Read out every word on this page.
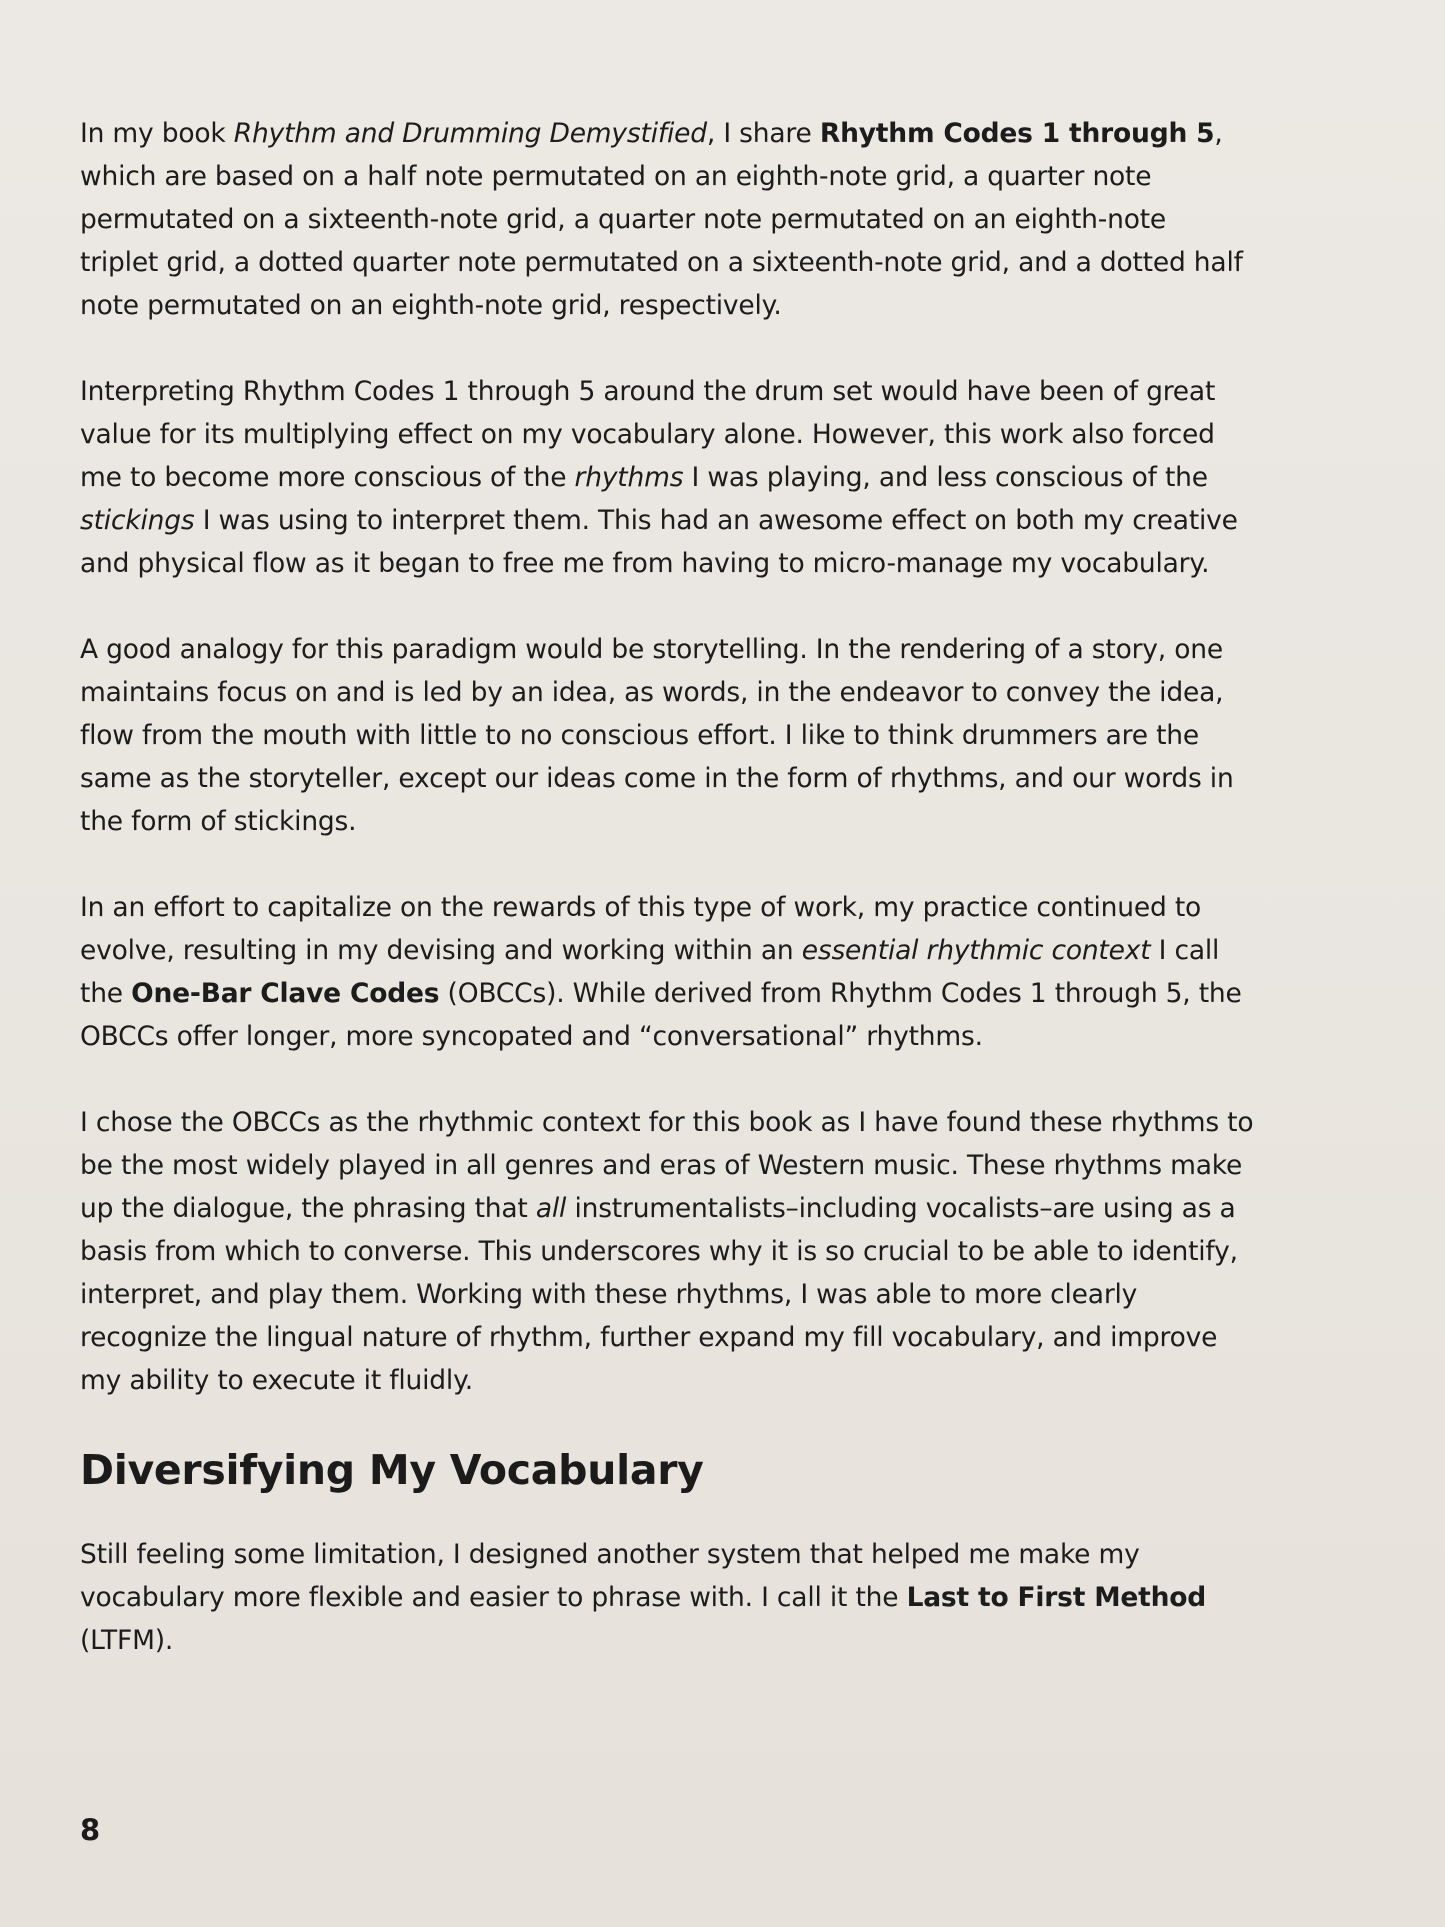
In my book Rhythm and Drumming Demystified, I share Rhythm Codes 1 through 5,
which are based on a half note permutated on an eighth-note grid, a quarter note
permutated on a sixteenth-note grid, a quarter note permutated on an eighth-note
triplet grid, a dotted quarter note permutated on a sixteenth-note grid, and a dotted half
note permutated on an eighth-note grid, respectively.

Interpreting Rhythm Codes 1 through 5 around the drum set would have been of great
value for its multiplying effect on my vocabulary alone. However, this work also forced
me to become more conscious of the rhythms I was playing, and less conscious of the
stickings I was using to interpret them. This had an awesome effect on both my creative
and physical flow as it began to free me from having to micro-manage my vocabulary.

A good analogy for this paradigm would be storytelling. In the rendering of a story, one
maintains focus on and is led by an idea, as words, in the endeavor to convey the idea,
flow from the mouth with little to no conscious effort. I like to think drummers are the
same as the storyteller, except our ideas come in the form of rhythms, and our words in
the form of stickings.

In an effort to capitalize on the rewards of this type of work, my practice continued to
evolve, resulting in my devising and working within an essential rhythmic context I call
the One-Bar Clave Codes (OBCCs). While derived from Rhythm Codes 1 through 5, the
OBCCs offer longer, more syncopated and “conversational” rhythms.

I chose the OBCCs as the rhythmic context for this book as I have found these rhythms to
be the most widely played in all genres and eras of Western music. These rhythms make
up the dialogue, the phrasing that all instrumentalists–including vocalists–are using as a
basis from which to converse. This underscores why it is so crucial to be able to identify,
interpret, and play them. Working with these rhythms, I was able to more clearly
recognize the lingual nature of rhythm, further expand my fill vocabulary, and improve
my ability to execute it fluidly.

Diversifying My Vocabulary

Still feeling some limitation, I designed another system that helped me make my
vocabulary more flexible and easier to phrase with. I call it the Last to First Method
(LTFM).

8
